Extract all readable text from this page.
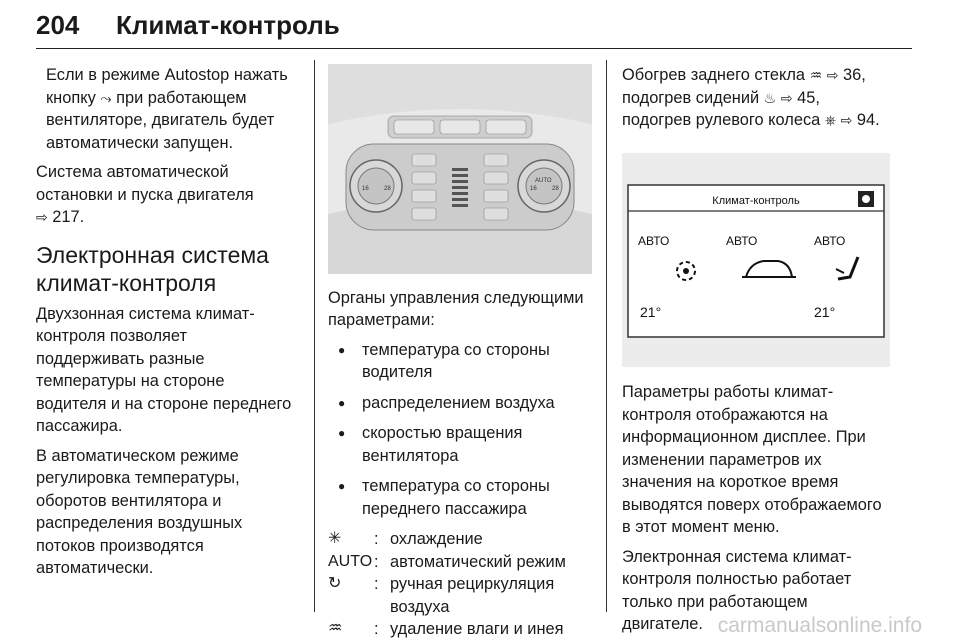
204 Климат-контроль

Если в режиме Autostop нажать кнопку ⤳ при работающем вентиляторе, двигатель будет автоматически запущен.

Система автоматической остановки и пуска двигателя ⇨ 217.

Электронная система климат-контроля

Двухзонная система климат-контроля позволяет поддерживать разные температуры на стороне водителя и на стороне переднего пассажира.

В автоматическом режиме регулировка температуры, оборотов вентилятора и распределения воздушных потоков производятся автоматически.

16	28	16	28
AUTO

Органы управления следующими параметрами:

● температура со стороны водителя
● распределением воздуха
● скоростью вращения вентилятора
● температура со стороны переднего пассажира
✳	: охлаждение
AUTO : автоматический режим
↻	: ручная рециркуляция воздуха
♒	: удаление влаги и инея

Обогрев заднего стекла ♒ ⇨ 36, подогрев сидений ♨ ⇨ 45, подогрев рулевого колеса ⎈ ⇨ 94.

Климат-контроль
АВТО	АВТО	АВТО
21°	21°

Параметры работы климат-контроля отображаются на информационном дисплее. При изменении параметров их значения на короткое время выводятся поверх отображаемого в этот момент меню.

Электронная система климат-контроля полностью работает только при работающем двигателе. carmanualsonline.info
